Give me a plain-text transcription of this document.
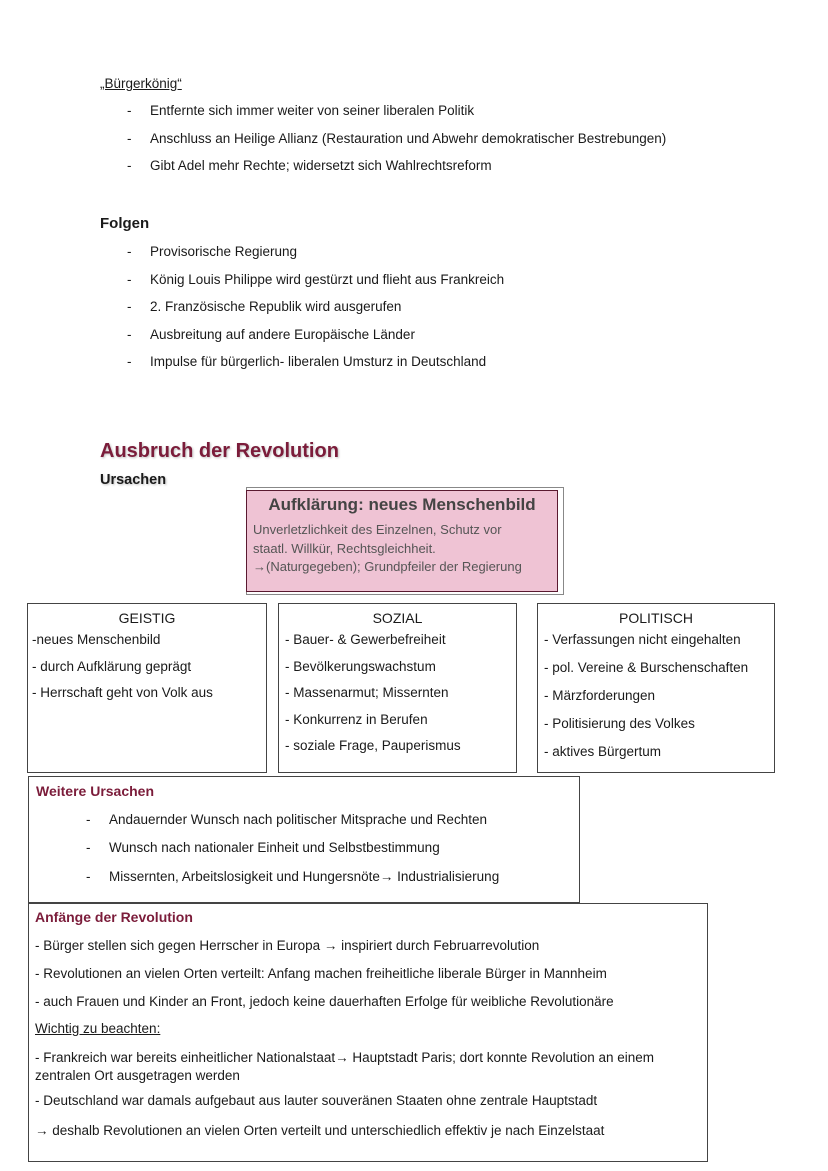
„Bürgerkönig“
- Entfernte sich immer weiter von seiner liberalen Politik
- Anschluss an Heilige Allianz (Restauration und Abwehr demokratischer Bestrebungen)
- Gibt Adel mehr Rechte; widersetzt sich Wahlrechtsreform
Folgen
- Provisorische Regierung
- König Louis Philippe wird gestürzt und flieht aus Frankreich
- 2. Französische Republik wird ausgerufen
- Ausbreitung auf andere Europäische Länder
- Impulse für bürgerlich- liberalen Umsturz in Deutschland
Ausbruch der Revolution
Ursachen
Aufklärung: neues Menschenbild
Unverletzlichkeit des Einzelnen, Schutz vor
staatl. Willkür, Rechtsgleichheit.
→(Naturgegeben); Grundpfeiler der Regierung
GEISTIG
-neues Menschenbild
- durch Aufklärung geprägt
- Herrschaft geht von Volk aus
SOZIAL
- Bauer- & Gewerbefreiheit
- Bevölkerungswachstum
- Massenarmut; Missernten
- Konkurrenz in Berufen
- soziale Frage, Pauperismus
POLITISCH
- Verfassungen nicht eingehalten
- pol. Vereine & Burschenschaften
- Märzforderungen
- Politisierung des Volkes
- aktives Bürgertum
Weitere Ursachen
- Andauernder Wunsch nach politischer Mitsprache und Rechten
- Wunsch nach nationaler Einheit und Selbstbestimmung
- Missernten, Arbeitslosigkeit und Hungersnöte→ Industrialisierung
Anfänge der Revolution
- Bürger stellen sich gegen Herrscher in Europa → inspiriert durch Februarrevolution
- Revolutionen an vielen Orten verteilt: Anfang machen freiheitliche liberale Bürger in Mannheim
- auch Frauen und Kinder an Front, jedoch keine dauerhaften Erfolge für weibliche Revolutionäre
Wichtig zu beachten:
- Frankreich war bereits einheitlicher Nationalstaat→ Hauptstadt Paris; dort konnte Revolution an einem zentralen Ort ausgetragen werden
- Deutschland war damals aufgebaut aus lauter souveränen Staaten ohne zentrale Hauptstadt
→ deshalb Revolutionen an vielen Orten verteilt und unterschiedlich effektiv je nach Einzelstaat
